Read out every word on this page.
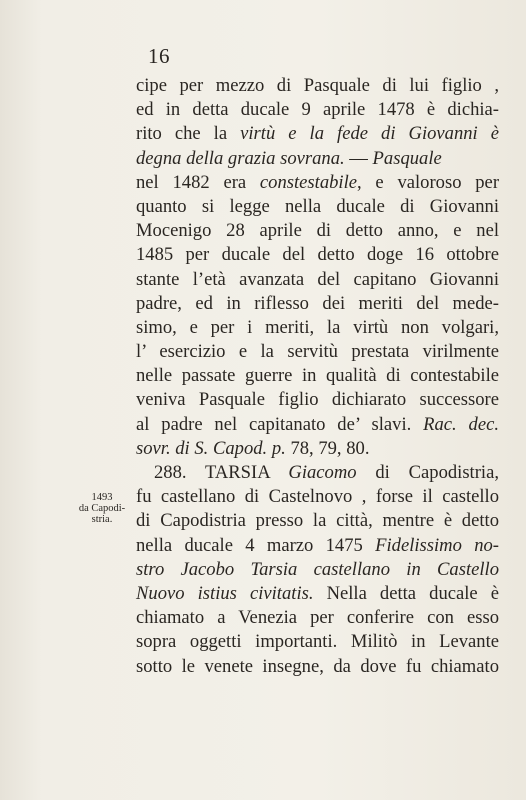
16
1493
da Capodi-
stria.
cipe per mezzo di Pasquale di lui figlio ,
ed in detta ducale 9 aprile 1478 è dichia-
rito che la virtù e la fede di Giovanni è
degna della grazia sovrana. — Pasquale
nel 1482 era constestabile, e valoroso per
quanto si legge nella ducale di Giovanni
Mocenigo 28 aprile di detto anno, e nel
1485 per ducale del detto doge 16 ottobre
stante l’età avanzata del capitano Giovanni
padre, ed in riflesso dei meriti del mede-
simo, e per i meriti, la virtù non volgari,
l’ esercizio e la servitù prestata virilmente
nelle passate guerre in qualità di contestabile
veniva Pasquale figlio dichiarato successore
al padre nel capitanato de’ slavi. Rac. dec.
sovr. di S. Capod. p. 78, 79, 80.
288. TARSIA Giacomo di Capodistria,
fu castellano di Castelnovo , forse il castello
di Capodistria presso la città, mentre è detto
nella ducale 4 marzo 1475 Fidelissimo no-
stro Jacobo Tarsia castellano in Castello
Nuovo istius civitatis. Nella detta ducale è
chiamato a Venezia per conferire con esso
sopra oggetti importanti. Militò in Levante
sotto le venete insegne, da dove fu chiamato
